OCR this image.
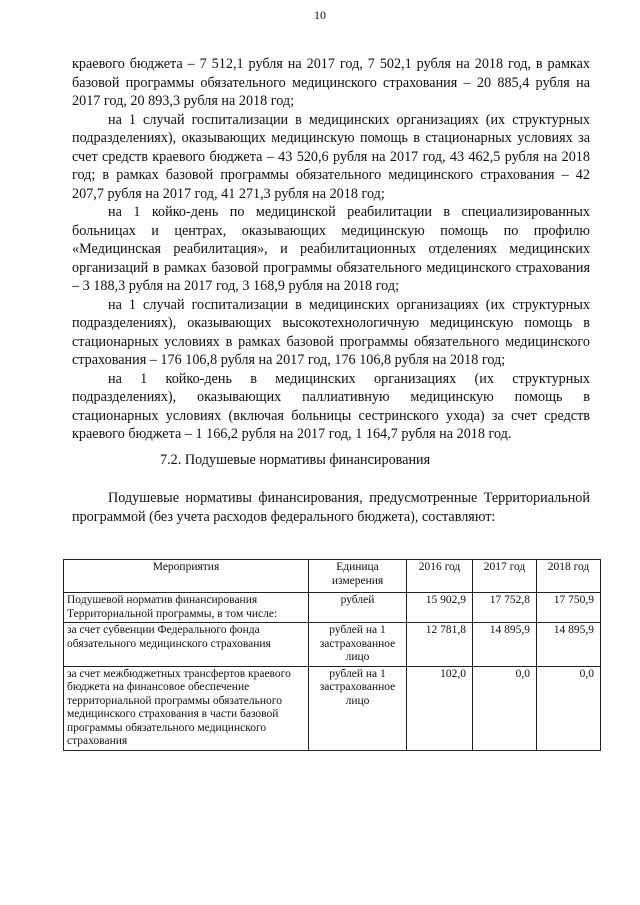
10

краевого бюджета – 7 512,1 рубля на 2017 год, 7 502,1 рубля на 2018 год, в рамках базовой программы обязательного медицинского страхования – 20 885,4 рубля на 2017 год, 20 893,3 рубля на 2018 год;

на 1 случай госпитализации в медицинских организациях (их структурных подразделениях), оказывающих медицинскую помощь в стационарных условиях за счет средств краевого бюджета – 43 520,6 рубля на 2017 год, 43 462,5 рубля на 2018 год; в рамках базовой программы обязательного медицинского страхования – 42 207,7 рубля на 2017 год, 41 271,3 рубля на 2018 год;

на 1 койко-день по медицинской реабилитации в специализированных больницах и центрах, оказывающих медицинскую помощь по профилю «Медицинская реабилитация», и реабилитационных отделениях медицинских организаций в рамках базовой программы обязательного медицинского страхования – 3 188,3 рубля на 2017 год, 3 168,9 рубля на 2018 год;

на 1 случай госпитализации в медицинских организациях (их структурных подразделениях), оказывающих высокотехнологичную медицинскую помощь в стационарных условиях в рамках базовой программы обязательного медицинского страхования – 176 106,8 рубля на 2017 год, 176 106,8 рубля на 2018 год;

на 1 койко-день в медицинских организациях (их структурных подразделениях), оказывающих паллиативную медицинскую помощь в стационарных условиях (включая больницы сестринского ухода) за счет средств краевого бюджета – 1 166,2 рубля на 2017 год, 1 164,7 рубля на 2018 год.

7.2. Подушевые нормативы финансирования

Подушевые нормативы финансирования, предусмотренные Территориальной программой (без учета расходов федерального бюджета), составляют:

Мероприятия	Единица измерения	2016 год	2017 год	2018 год
Подушевой норматив финансирования Территориальной программы, в том числе:	рублей	15 902,9	17 752,8	17 750,9
за счет субвенции Федерального фонда обязательного медицинского страхования	рублей на 1 застрахованное лицо	12 781,8	14 895,9	14 895,9
за счет межбюджетных трансфертов краевого бюджета на финансовое обеспечение территориальной программы обязательного медицинского страхования в части базовой программы обязательного медицинского страхования	рублей на 1 застрахованное лицо	102,0	0,0	0,0
